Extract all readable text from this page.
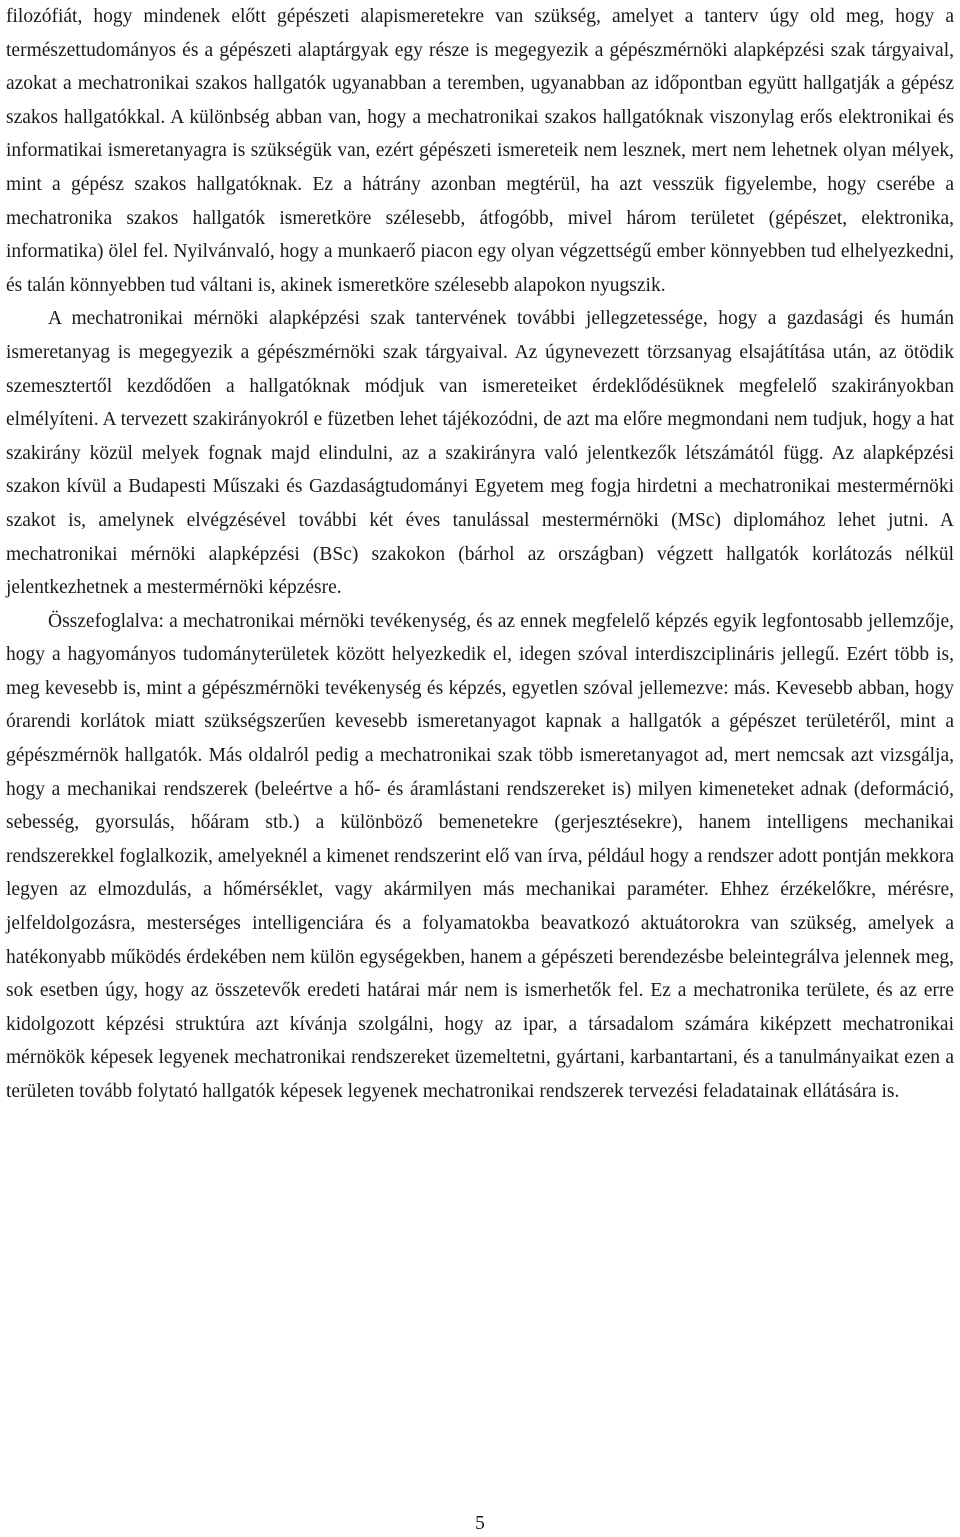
filozófiát, hogy mindenek előtt gépészeti alapismeretekre van szükség, amelyet a tanterv úgy old meg, hogy a természettudományos és a gépészeti alaptárgyak egy része is megegyezik a gépészmérnöki alapképzési szak tárgyaival, azokat a mechatronikai szakos hallgatók ugyanabban a teremben, ugyanabban az időpontban együtt hallgatják a gépész szakos hallgatókkal. A különbség abban van, hogy a mechatronikai szakos hallgatóknak viszonylag erős elektronikai és informatikai ismeretanyagra is szükségük van, ezért gépészeti ismereteik nem lesznek, mert nem lehetnek olyan mélyek, mint a gépész szakos hallgatóknak. Ez a hátrány azonban megtérül, ha azt vesszük figyelembe, hogy cserébe a mechatronika szakos hallgatók ismeretköre szélesebb, átfogóbb, mivel három területet (gépészet, elektronika, informatika) ölel fel. Nyilvánvaló, hogy a munkaerő piacon egy olyan végzettségű ember könnyebben tud elhelyezkedni, és talán könnyebben tud váltani is, akinek ismeretköre szélesebb alapokon nyugszik.

A mechatronikai mérnöki alapképzési szak tantervének további jellegzetessége, hogy a gazdasági és humán ismeretanyag is megegyezik a gépészmérnöki szak tárgyaival. Az úgynevezett törzsanyag elsajátítása után, az ötödik szemesztertől kezdődően a hallgatóknak módjuk van ismereteiket érdeklődésüknek megfelelő szakirányokban elmélyíteni. A tervezett szakirányokról e füzetben lehet tájékozódni, de azt ma előre megmondani nem tudjuk, hogy a hat szakirány közül melyek fognak majd elindulni, az a szakirányra való jelentkezők létszámától függ. Az alapképzési szakon kívül a Budapesti Műszaki és Gazdaságtudományi Egyetem meg fogja hirdetni a mechatronikai mestermérnöki szakot is, amelynek elvégzésével további két éves tanulással mestermérnöki (MSc) diplomához lehet jutni. A mechatronikai mérnöki alapképzési (BSc) szakokon (bárhol az országban) végzett hallgatók korlátozás nélkül jelentkezhetnek a mestermérnöki képzésre.

Összefoglalva: a mechatronikai mérnöki tevékenység, és az ennek megfelelő képzés egyik legfontosabb jellemzője, hogy a hagyományos tudományterületek között helyezkedik el, idegen szóval interdiszciplináris jellegű. Ezért több is, meg kevesebb is, mint a gépészmérnöki tevékenység és képzés, egyetlen szóval jellemezve: más. Kevesebb abban, hogy órarendi korlátok miatt szükségszerűen kevesebb ismeretanyagot kapnak a hallgatók a gépészet területéről, mint a gépészmérnök hallgatók. Más oldalról pedig a mechatronikai szak több ismeretanyagot ad, mert nemcsak azt vizsgálja, hogy a mechanikai rendszerek (beleértve a hő- és áramlástani rendszereket is) milyen kimeneteket adnak (deformáció, sebesség, gyorsulás, hőáram stb.) a különböző bemenetekre (gerjesztésekre), hanem intelligens mechanikai rendszerekkel foglalkozik, amelyeknél a kimenet rendszerint elő van írva, például hogy a rendszer adott pontján mekkora legyen az elmozdulás, a hőmérséklet, vagy akármilyen más mechanikai paraméter. Ehhez érzékelőkre, mérésre, jelfeldolgozásra, mesterséges intelligenciára és a folyamatokba beavatkozó aktuátorokra van szükség, amelyek a hatékonyabb működés érdekében nem külön egységekben, hanem a gépészeti berendezésbe beleintegrálva jelennek meg, sok esetben úgy, hogy az összetevők eredeti határai már nem is ismerhetők fel. Ez a mechatronika területe, és az erre kidolgozott képzési struktúra azt kívánja szolgálni, hogy az ipar, a társadalom számára kiképzett mechatronikai mérnökök képesek legyenek mechatronikai rendszereket üzemeltetni, gyártani, karbantartani, és a tanulmányaikat ezen a területen tovább folytató hallgatók képesek legyenek mechatronikai rendszerek tervezési feladatainak ellátására is.

5
